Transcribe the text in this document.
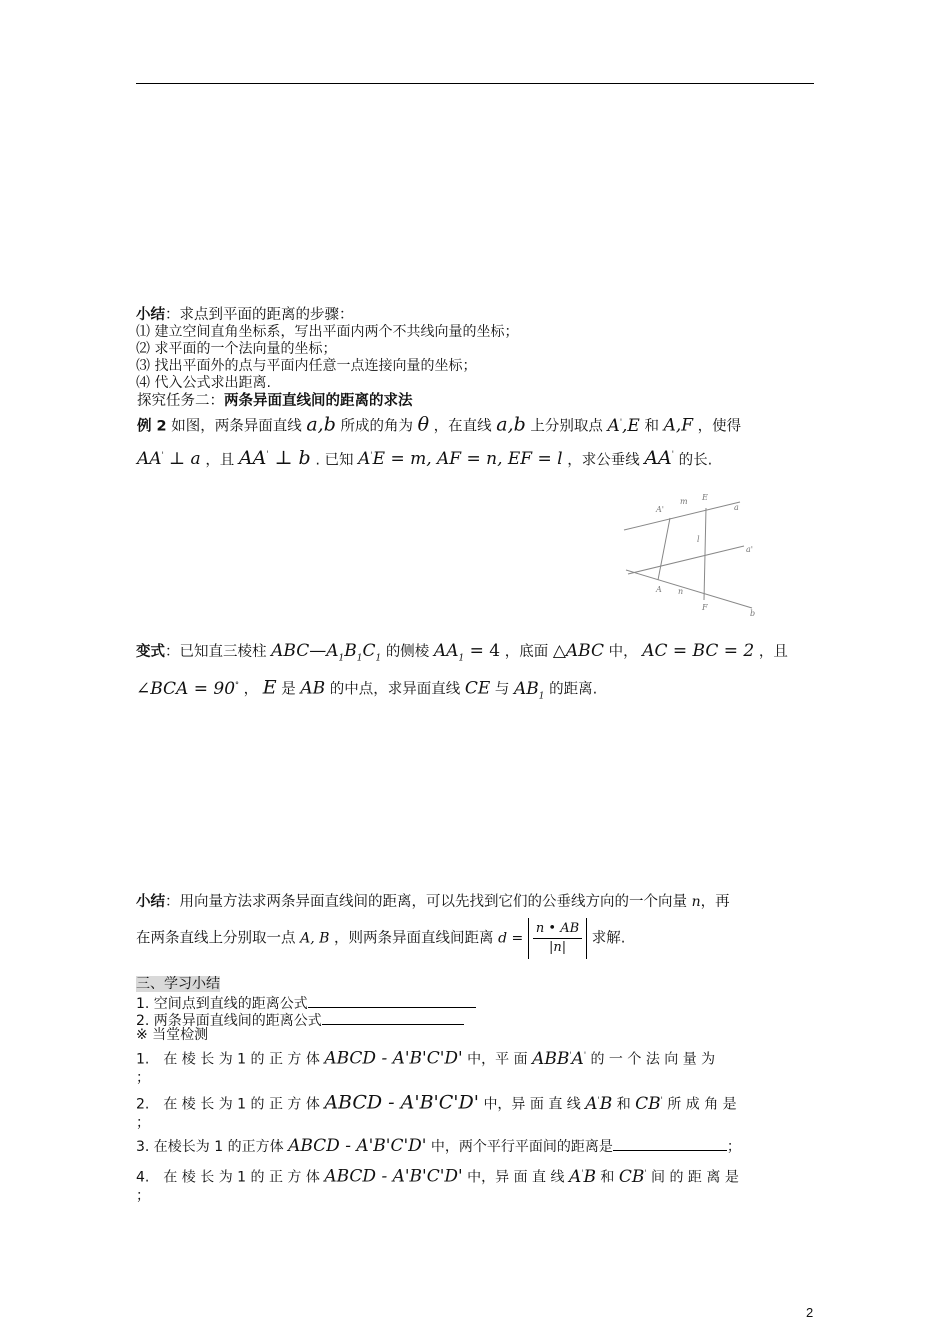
小结：求点到平面的距离的步骤：
⑴ 建立空间直角坐标系，写出平面内两个不共线向量的坐标；
⑵ 求平面的一个法向量的坐标；
⑶ 找出平面外的点与平面内任意一点连接向量的坐标；
⑷ 代入公式求出距离.
探究任务二：两条异面直线间的距离的求法
例 2 如图，两条异面直线 a,b 所成的角为 θ ，在直线 a,b 上分别取点 A',E 和 A,F ，使得
AA' ⊥ a ，且 AA' ⊥ b . 已知 A'E = m, AF = n, EF = l ，求公垂线 AA' 的长.
A'
m E
a
l
a'
A n
F
b
变式：已知直三棱柱 $ABC—A_1B_1C_1$ 的侧棱 $AA_1 = 4$ ，底面 △ABC 中， AC = BC = 2 ，且
∠BCA = 90° ， E 是 AB 的中点，求异面直线 CE 与 $AB_1$ 的距离.
小结：用向量方法求两条异面直线间的距离，可以先找到它们的公垂线方向的一个向量 n，再
在两条直线上分别取一点 A, B ，则两条异面直线间距离 $d = \frac{n • AB}{|n|}$ 求解.
三、学习小结
1. 空间点到直线的距离公式
2. 两条异面直线间的距离公式
※ 当堂检测
1.　在 棱 长 为 1 的 正 方 体 ABCD - A'B'C'D' 中，平 面 ABB'A' 的 一 个 法 向 量 为
；
2.　在 棱 长 为 1 的 正 方 体 ABCD - A'B'C'D' 中，异 面 直 线 A'B 和 CB' 所 成 角 是
；
3. 在棱长为 1 的正方体 ABCD - A'B'C'D' 中，两个平行平面间的距离是	；
4.　在 棱 长 为 1 的 正 方 体 ABCD - A'B'C'D' 中，异 面 直 线 A'B 和 CB' 间 的 距 离 是
；
2
